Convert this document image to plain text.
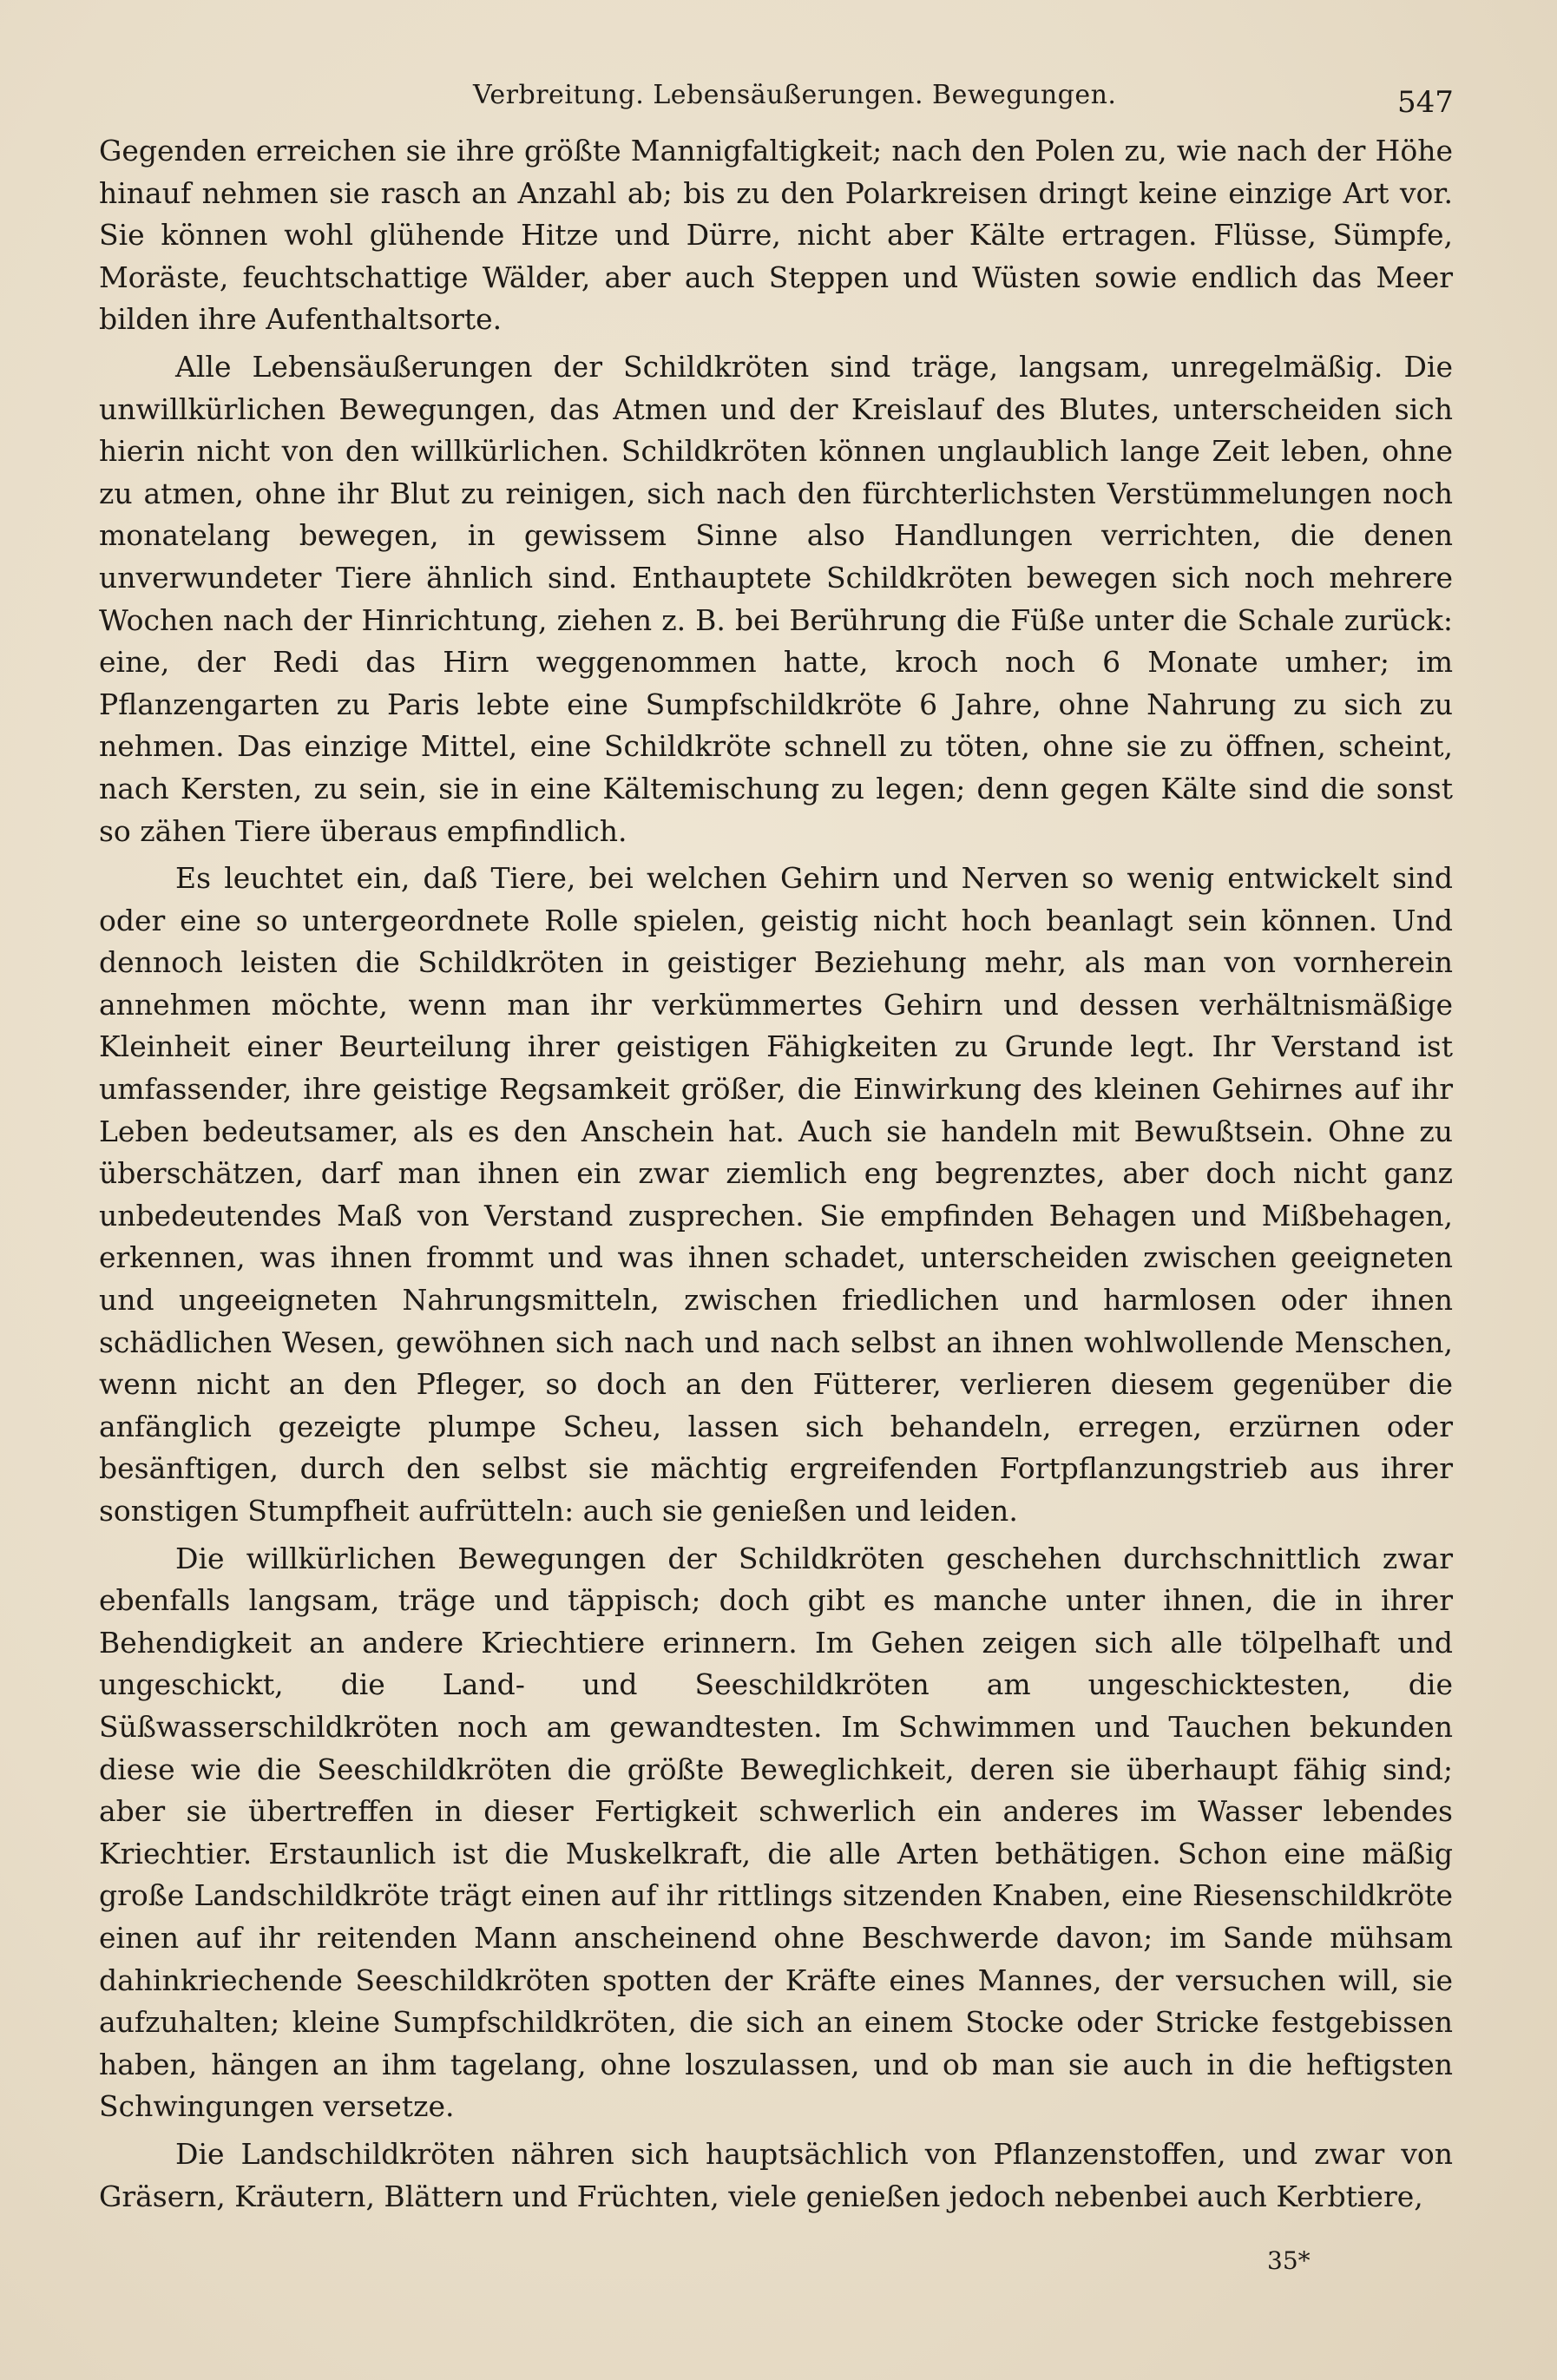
Verbreitung. Lebensäußerungen. Bewegungen.	547

Gegenden erreichen sie ihre größte Mannigfaltigkeit; nach den Polen zu, wie nach der Höhe hinauf nehmen sie rasch an Anzahl ab; bis zu den Polarkreisen dringt keine einzige Art vor. Sie können wohl glühende Hitze und Dürre, nicht aber Kälte ertragen. Flüsse, Sümpfe, Moräste, feuchtschattige Wälder, aber auch Steppen und Wüsten sowie endlich das Meer bilden ihre Aufenthaltsorte.

Alle Lebensäußerungen der Schildkröten sind träge, langsam, unregelmäßig. Die unwillkürlichen Bewegungen, das Atmen und der Kreislauf des Blutes, unterscheiden sich hierin nicht von den willkürlichen. Schildkröten können unglaublich lange Zeit leben, ohne zu atmen, ohne ihr Blut zu reinigen, sich nach den fürchterlichsten Verstümmelungen noch monatelang bewegen, in gewissem Sinne also Handlungen verrichten, die denen unverwundeter Tiere ähnlich sind. Enthauptete Schildkröten bewegen sich noch mehrere Wochen nach der Hinrichtung, ziehen z. B. bei Berührung die Füße unter die Schale zurück: eine, der Redi das Hirn weggenommen hatte, kroch noch 6 Monate umher; im Pflanzengarten zu Paris lebte eine Sumpfschildkröte 6 Jahre, ohne Nahrung zu sich zu nehmen. Das einzige Mittel, eine Schildkröte schnell zu töten, ohne sie zu öffnen, scheint, nach Kersten, zu sein, sie in eine Kältemischung zu legen; denn gegen Kälte sind die sonst so zähen Tiere überaus empfindlich.

Es leuchtet ein, daß Tiere, bei welchen Gehirn und Nerven so wenig entwickelt sind oder eine so untergeordnete Rolle spielen, geistig nicht hoch beanlagt sein können. Und dennoch leisten die Schildkröten in geistiger Beziehung mehr, als man von vornherein annehmen möchte, wenn man ihr verkümmertes Gehirn und dessen verhältnismäßige Kleinheit einer Beurteilung ihrer geistigen Fähigkeiten zu Grunde legt. Ihr Verstand ist umfassender, ihre geistige Regsamkeit größer, die Einwirkung des kleinen Gehirnes auf ihr Leben bedeutsamer, als es den Anschein hat. Auch sie handeln mit Bewußtsein. Ohne zu überschätzen, darf man ihnen ein zwar ziemlich eng begrenztes, aber doch nicht ganz unbedeutendes Maß von Verstand zusprechen. Sie empfinden Behagen und Mißbehagen, erkennen, was ihnen frommt und was ihnen schadet, unterscheiden zwischen geeigneten und ungeeigneten Nahrungsmitteln, zwischen friedlichen und harmlosen oder ihnen schädlichen Wesen, gewöhnen sich nach und nach selbst an ihnen wohlwollende Menschen, wenn nicht an den Pfleger, so doch an den Fütterer, verlieren diesem gegenüber die anfänglich gezeigte plumpe Scheu, lassen sich behandeln, erregen, erzürnen oder besänftigen, durch den selbst sie mächtig ergreifenden Fortpflanzungstrieb aus ihrer sonstigen Stumpfheit aufrütteln: auch sie genießen und leiden.

Die willkürlichen Bewegungen der Schildkröten geschehen durchschnittlich zwar ebenfalls langsam, träge und täppisch; doch gibt es manche unter ihnen, die in ihrer Behendigkeit an andere Kriechtiere erinnern. Im Gehen zeigen sich alle tölpelhaft und ungeschickt, die Land- und Seeschildkröten am ungeschicktesten, die Süßwasserschildkröten noch am gewandtesten. Im Schwimmen und Tauchen bekunden diese wie die Seeschildkröten die größte Beweglichkeit, deren sie überhaupt fähig sind; aber sie übertreffen in dieser Fertigkeit schwerlich ein anderes im Wasser lebendes Kriechtier. Erstaunlich ist die Muskelkraft, die alle Arten bethätigen. Schon eine mäßig große Landschildkröte trägt einen auf ihr rittlings sitzenden Knaben, eine Riesenschildkröte einen auf ihr reitenden Mann anscheinend ohne Beschwerde davon; im Sande mühsam dahinkriechende Seeschildkröten spotten der Kräfte eines Mannes, der versuchen will, sie aufzuhalten; kleine Sumpfschildkröten, die sich an einem Stocke oder Stricke festgebissen haben, hängen an ihm tagelang, ohne loszulassen, und ob man sie auch in die heftigsten Schwingungen versetze.

Die Landschildkröten nähren sich hauptsächlich von Pflanzenstoffen, und zwar von Gräsern, Kräutern, Blättern und Früchten, viele genießen jedoch nebenbei auch Kerbtiere,

35*
